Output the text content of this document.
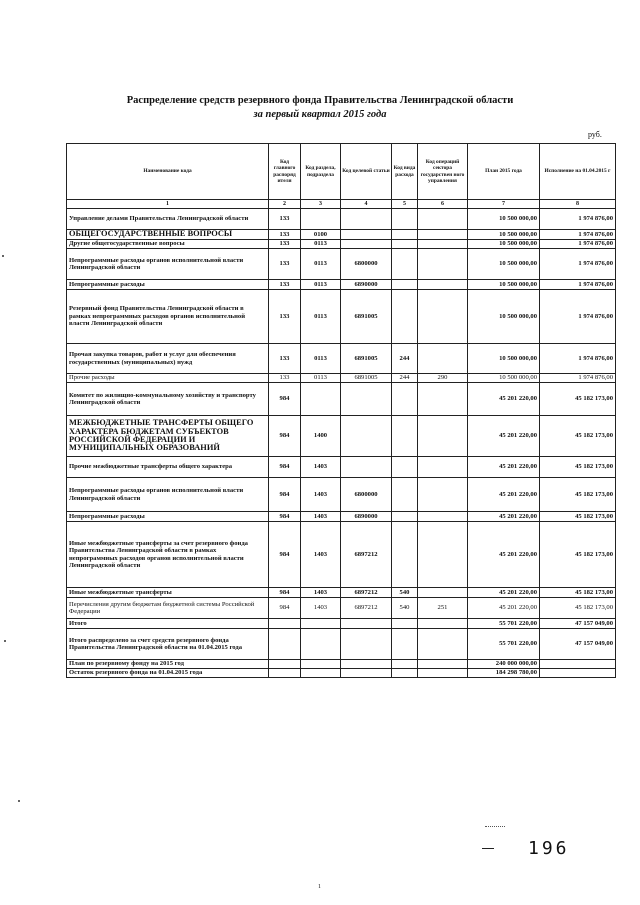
Распределение средств резервного фонда Правительства Ленинградской области
за первый квартал 2015 года
руб.
Наименование кода	Код главного распоряд ителя	Код раздела, подраздела	Код целевой статьи	Код вида расхода	Код операций сектора государствен ного управления	План 2015 года	Исполнение на 01.04.2015 г
1	2	3	4	5	6	7	8
Управление делами Правительства Ленинградской области	133					10 500 000,00	1 974 876,00
ОБЩЕГОСУДАРСТВЕННЫЕ ВОПРОСЫ	133	0100				10 500 000,00	1 974 876,00
Другие общегосударственные вопросы	133	0113				10 500 000,00	1 974 876,00
Непрограммные расходы органов исполнительной власти Ленинградской области	133	0113	6800000			10 500 000,00	1 974 876,00
Непрограммные расходы	133	0113	6890000			10 500 000,00	1 974 876,00
Резервный фонд Правительства Ленинградской области в рамках непрограммных расходов органов исполнительной власти Ленинградской области	133	0113	6891005			10 500 000,00	1 974 876,00
Прочая закупка товаров, работ и услуг для обеспечения государственных (муниципальных) нужд	133	0113	6891005	244		10 500 000,00	1 974 876,00
Прочие расходы	133	0113	6891005	244	290	10 500 000,00	1 974 876,00
Комитет по жилищно-коммунальному хозяйству и транспорту Ленинградской области	984					45 201 220,00	45 182 173,00
МЕЖБЮДЖЕТНЫЕ ТРАНСФЕРТЫ ОБЩЕГО ХАРАКТЕРА БЮДЖЕТАМ СУБЪЕКТОВ РОССИЙСКОЙ ФЕДЕРАЦИИ И МУНИЦИПАЛЬНЫХ ОБРАЗОВАНИЙ	984	1400				45 201 220,00	45 182 173,00
Прочие межбюджетные трансферты общего характера	984	1403				45 201 220,00	45 182 173,00
Непрограммные расходы органов исполнительной власти Ленинградской области	984	1403	6800000			45 201 220,00	45 182 173,00
Непрограммные расходы	984	1403	6890000			45 201 220,00	45 182 173,00
Иные межбюджетные трансферты за счет резервного фонда Правительства Ленинградской области в рамках непрограммных расходов органов исполнительной власти Ленинградской области	984	1403	6897212			45 201 220,00	45 182 173,00
Иные межбюджетные трансферты	984	1403	6897212	540		45 201 220,00	45 182 173,00
Перечисления другим бюджетам бюджетной системы Российской Федерации	984	1403	6897212	540	251	45 201 220,00	45 182 173,00
Итого						55 701 220,00	47 157 049,00
Итого распределено за счет средств резервного фонда Правительства Ленинградской области на 01.04.2015 года						55 701 220,00	47 157 049,00
План по резервному фонду на 2015 год						240 000 000,00	
Остаток резервного фонда на 01.04.2015 года						184 298 780,00	
196
1
